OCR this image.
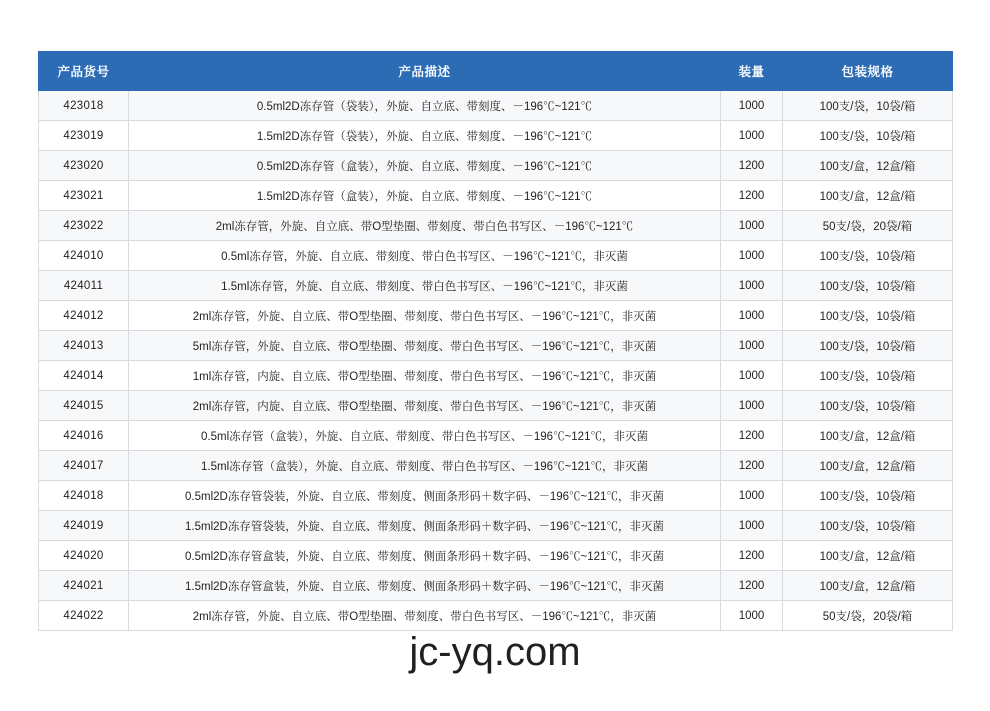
产品货号	产品描述	装量	包装规格
423018	0.5ml2D冻存管（袋装），外旋、自立底、带刻度、－196℃~121℃	1000	100支/袋，10袋/箱
423019	1.5ml2D冻存管（袋装），外旋、自立底、带刻度、－196℃~121℃	1000	100支/袋，10袋/箱
423020	0.5ml2D冻存管（盒装），外旋、自立底、带刻度、－196℃~121℃	1200	100支/盒，12盒/箱
423021	1.5ml2D冻存管（盒装），外旋、自立底、带刻度、－196℃~121℃	1200	100支/盒，12盒/箱
423022	2ml冻存管，外旋、自立底、带O型垫圈、带刻度、带白色书写区、－196℃~121℃	1000	50支/袋，20袋/箱
424010	0.5ml冻存管，外旋、自立底、带刻度、带白色书写区、－196℃~121℃，非灭菌	1000	100支/袋，10袋/箱
424011	1.5ml冻存管，外旋、自立底、带刻度、带白色书写区、－196℃~121℃，非灭菌	1000	100支/袋，10袋/箱
424012	2ml冻存管，外旋、自立底、带O型垫圈、带刻度、带白色书写区、－196℃~121℃，非灭菌	1000	100支/袋，10袋/箱
424013	5ml冻存管，外旋、自立底、带O型垫圈、带刻度、带白色书写区、－196℃~121℃，非灭菌	1000	100支/袋，10袋/箱
424014	1ml冻存管，内旋、自立底、带O型垫圈、带刻度、带白色书写区、－196℃~121℃，非灭菌	1000	100支/袋，10袋/箱
424015	2ml冻存管，内旋、自立底、带O型垫圈、带刻度、带白色书写区、－196℃~121℃，非灭菌	1000	100支/袋，10袋/箱
424016	0.5ml冻存管（盒装），外旋、自立底、带刻度、带白色书写区、－196℃~121℃，非灭菌	1200	100支/盒，12盒/箱
424017	1.5ml冻存管（盒装），外旋、自立底、带刻度、带白色书写区、－196℃~121℃，非灭菌	1200	100支/盒，12盒/箱
424018	0.5ml2D冻存管袋装，外旋、自立底、带刻度、侧面条形码＋数字码、－196℃~121℃，非灭菌	1000	100支/袋，10袋/箱
424019	1.5ml2D冻存管袋装，外旋、自立底、带刻度、侧面条形码＋数字码、－196℃~121℃，非灭菌	1000	100支/袋，10袋/箱
424020	0.5ml2D冻存管盒装，外旋、自立底、带刻度、侧面条形码＋数字码、－196℃~121℃，非灭菌	1200	100支/盒，12盒/箱
424021	1.5ml2D冻存管盒装，外旋、自立底、带刻度、侧面条形码＋数字码、－196℃~121℃，非灭菌	1200	100支/盒，12盒/箱
424022	2ml冻存管，外旋、自立底、带O型垫圈、带刻度、带白色书写区、－196℃~121℃，非灭菌	1000	50支/袋，20袋/箱
jc-yq.com
